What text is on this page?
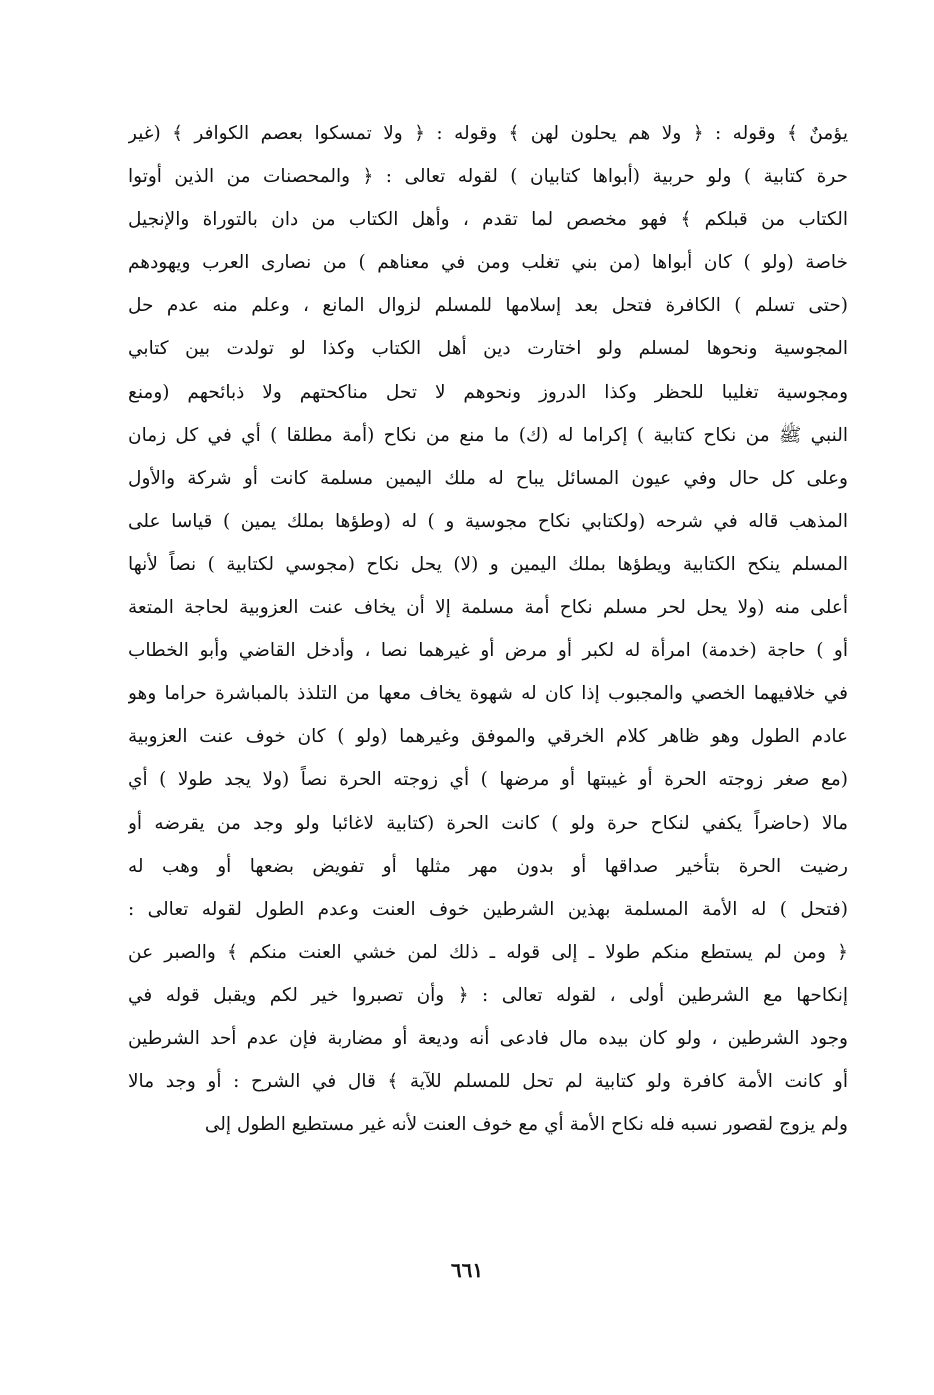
يؤمنٌ ﴾ وقوله : ﴿ ولا هم يحلون لهن ﴾ وقوله : ﴿ ولا تمسكوا بعصم الكوافر ﴾ (غير
حرة كتابية ) ولو حربية (أبواها كتابيان ) لقوله تعالى : ﴿ والمحصنات من الذين أوتوا
الكتاب من قبلكم ﴾ فهو مخصص لما تقدم ، وأهل الكتاب من دان بالتوراة والإنجيل
خاصة (ولو ) كان أبواها (من بني تغلب ومن في معناهم ) من نصارى العرب ويهودهم
(حتى تسلم ) الكافرة فتحل بعد إسلامها للمسلم لزوال المانع ، وعلم منه عدم حل
المجوسية ونحوها لمسلم ولو اختارت دين أهل الكتاب وكذا لو تولدت بين كتابي
ومجوسية تغليبا للحظر وكذا الدروز ونحوهم لا تحل مناكحتهم ولا ذبائحهم (ومنع
النبي ﷺ من نكاح كتابية ) إكراما له (ك) ما منع من نكاح (أمة مطلقا ) أي في كل زمان
وعلى كل حال وفي عيون المسائل يباح له ملك اليمين مسلمة كانت أو شركة والأول
المذهب قاله في شرحه (ولكتابي نكاح مجوسية و ) له (وطؤها بملك يمين ) قياسا على
المسلم ينكح الكتابية ويطؤها بملك اليمين و (لا) يحل نكاح (مجوسي لكتابية ) نصاً لأنها
أعلى منه (ولا يحل لحر مسلم نكاح أمة مسلمة إلا أن يخاف عنت العزوبية لحاجة المتعة
أو ) حاجة (خدمة) امرأة له لكبر أو مرض أو غيرهما نصا ، وأدخل القاضي وأبو الخطاب
في خلافيهما الخصي والمجبوب إذا كان له شهوة يخاف معها من التلذذ بالمباشرة حراما وهو
عادم الطول وهو ظاهر كلام الخرقي والموفق وغيرهما (ولو ) كان خوف عنت العزوبية
(مع صغر زوجته الحرة أو غيبتها أو مرضها ) أي زوجته الحرة نصاً (ولا يجد طولا ) أي
مالا (حاضراً يكفي لنكاح حرة ولو ) كانت الحرة (كتابية لاغائبا ولو وجد من يقرضه أو
رضيت الحرة بتأخير صداقها أو بدون مهر مثلها أو تفويض بضعها أو وهب له
(فتحل ) له الأمة المسلمة بهذين الشرطين خوف العنت وعدم الطول لقوله تعالى :
﴿ ومن لم يستطع منكم طولا ـ إلى قوله ـ ذلك لمن خشي العنت منكم ﴾ والصبر عن
إنكاحها مع الشرطين أولى ، لقوله تعالى : ﴿ وأن تصبروا خير لكم ويقبل قوله في
وجود الشرطين ، ولو كان بيده مال فادعى أنه وديعة أو مضاربة فإن عدم أحد الشرطين
أو كانت الأمة كافرة ولو كتابية لم تحل للمسلم للآية ﴾ قال في الشرح : أو وجد مالا
ولم يزوج لقصور نسبه فله نكاح الأمة أي مع خوف العنت لأنه غير مستطيع الطول إلى
٦٦١
